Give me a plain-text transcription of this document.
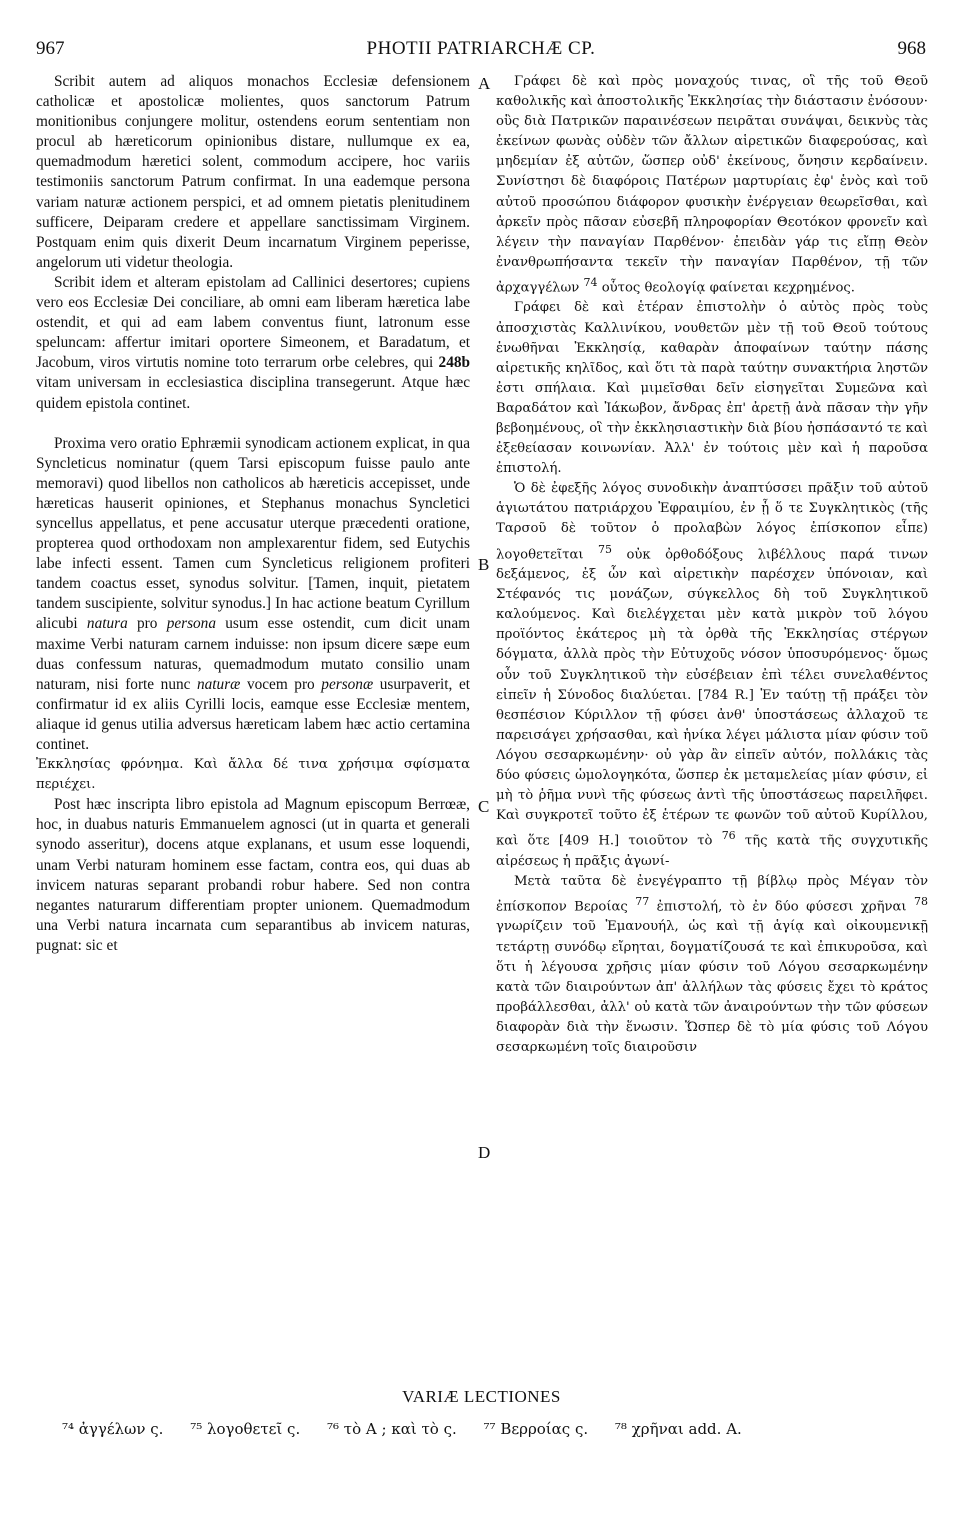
967	PHOTII PATRIARCHÆ CP.	968
A
B
C
D

Scribit autem ad aliquos monachos Ecclesiæ defensionem catholicæ et apostolicæ molientes, quos sanctorum Patrum monitionibus conjungere molitur, ostendens eorum sententiam non procul ab hæreticorum opinionibus distare, nullumque ex ea, quemadmodum hæretici solent, commodum accipere, hoc variis testimoniis sanctorum Patrum confirmat. In una eademque persona variam naturæ actionem perspici, et ad omnem pietatis plenitudinem sufficere, Deiparam credere et appellare sanctissimam Virginem. Postquam enim quis dixerit Deum incarnatum Virginem peperisse, angelorum uti videtur theologia.

Scribit idem et alteram epistolam ad Callinici desertores; cupiens vero eos Ecclesiæ Dei conciliare, ab omni eam liberam hæretica labe ostendit, et qui ad eam labem conventus fiunt, latronum esse speluncam: affertur imitari oportere Simeonem, et Baradatum, et Jacobum, viros virtutis nomine toto terrarum orbe celebres, qui 248b vitam universam in ecclesiastica disciplina transegerunt. Atque hæc quidem epistola continet.

Proxima vero oratio Ephræmii synodicam actionem explicat, in qua Syncleticus nominatur (quem Tarsi episcopum fuisse paulo ante memoravi) quod libellos non catholicos ab hæreticis accepisset, unde hæreticas hauserit opiniones, et Stephanus monachus Syncletici syncellus appellatus, et pene accusatur uterque præcedenti oratione, propterea quod orthodoxam non amplexarentur fidem, sed Eutychis labe infecti essent. Tamen cum Syncleticus religionem profiteri tandem coactus esset, synodus solvitur. [Tamen, inquit, pietatem tandem suscipiente, solvitur synodus.] In hac actione beatum Cyrillum alicubi natura pro persona usum esse ostendit, cum dicit unam maxime Verbi naturam carnem induisse: non ipsum dicere sæpe eum duas confessum naturas, quemadmodum mutato consilio unam naturam, nisi forte nunc naturæ vocem pro personæ usurpaverit, et confirmatur id ex aliis Cyrilli locis, eamque esse Ecclesiæ mentem, aliaque id genus utilia adversus hæreticam labem hæc actio certamina continet.

Ἐκκλησίας φρόνημα. Καὶ ἄλλα δέ τινα χρήσιμα σφίσματα περιέχει.

Post hæc inscripta libro epistola ad Magnum episcopum Berrœæ, hoc, in duabus naturis Emmanuelem agnosci (ut in quarta et generali synodo asseritur), docens atque explanans, et usum esse loquendi, unam Verbi naturam hominem esse factam, contra eos, qui duas ab invicem naturas separant probandi robur habere. Sed non contra negantes naturarum differentiam propter unionem. Quemadmodum una Verbi natura incarnata cum separantibus ab invicem naturas, pugnat: sic et

Γράφει δὲ καὶ πρὸς μοναχούς τινας, οἳ τῆς τοῦ Θεοῦ καθολικῆς καὶ ἀποστολικῆς Ἐκκλησίας τὴν διάστασιν ἐνόσουν· οὓς διὰ Πατρικῶν παραινέσεων πειρᾶται συνάψαι, δεικνὺς τὰς ἐκείνων φωνὰς οὐδὲν τῶν ἄλλων αἱρετικῶν διαφερούσας, καὶ μηδεμίαν ἐξ αὐτῶν, ὥσπερ οὐδ' ἐκείνους, ὄνησιν κερδαίνειν. Συνίστησι δὲ διαφόροις Πατέρων μαρτυρίαις ἐφ' ἑνὸς καὶ τοῦ αὐτοῦ προσώπου διάφορον φυσικὴν ἐνέργειαν θεωρεῖσθαι, καὶ ἀρκεῖν πρὸς πᾶσαν εὐσεβῆ πληροφορίαν Θεοτόκον φρονεῖν καὶ λέγειν τὴν παναγίαν Παρθένον· ἐπειδὰν γάρ τις εἴπῃ Θεὸν ἐνανθρωπήσαντα τεκεῖν τὴν παναγίαν Παρθένον, τῇ τῶν ἀρχαγγέλων $^{74}$ οὗτος θεολογίᾳ φαίνεται κεχρημένος.

Γράφει δὲ καὶ ἑτέραν ἐπιστολὴν ὁ αὐτὸς πρὸς τοὺς ἀποσχιστὰς Καλλινίκου, νουθετῶν μὲν τῇ τοῦ Θεοῦ τούτους ἑνωθῆναι Ἐκκλησίᾳ, καθαρὰν ἀποφαίνων ταύτην πάσης αἱρετικῆς κηλῖδος, καὶ ὅτι τὰ παρὰ ταύτην συνακτήρια ληστῶν ἐστι σπήλαια. Καὶ μιμεῖσθαι δεῖν εἰσηγεῖται Συμεῶνα καὶ Βαραδάτον καὶ Ἰάκωβον, ἄνδρας ἐπ' ἀρετῇ ἀνὰ πᾶσαν τὴν γῆν βεβοημένους, οἳ τὴν ἐκκλησιαστικὴν διὰ βίου ἠσπάσαντό τε καὶ ἐξεθείασαν κοινωνίαν. Ἀλλ' ἐν τούτοις μὲν καὶ ἡ παροῦσα ἐπιστολή.

Ὁ δὲ ἐφεξῆς λόγος συνοδικὴν ἀναπτύσσει πρᾶξιν τοῦ αὐτοῦ ἁγιωτάτου πατριάρχου Ἐφραιμίου, ἐν ᾗ ὅ τε Συγκλητικὸς (τῆς Ταρσοῦ δὲ τοῦτον ὁ προλαβὼν λόγος ἐπίσκοπον εἶπε) λογοθετεῖται $^{75}$ οὐκ ὀρθοδόξους λιβέλλους παρά τινων δεξάμενος, ἐξ ὧν καὶ αἱρετικὴν παρέσχεν ὑπόνοιαν, καὶ Στέφανός τις μονάζων, σύγκελλος δὴ τοῦ Συγκλητικοῦ καλούμενος. Καὶ διελέγχεται μὲν κατὰ μικρὸν τοῦ λόγου προϊόντος ἑκάτερος μὴ τὰ ὀρθὰ τῆς Ἐκκλησίας στέργων δόγματα, ἀλλὰ πρὸς τὴν Εὐτυχοῦς νόσον ὑποσυρόμενος· ὅμως οὖν τοῦ Συγκλητικοῦ τὴν εὐσέβειαν ἐπὶ τέλει συνελαθέντος εἰπεῖν ἡ Σύνοδος διαλύεται. [784 R.] Ἐν ταύτῃ τῇ πράξει τὸν θεσπέσιον Κύριλλον τῇ φύσει ἀνθ' ὑποστάσεως ἀλλαχοῦ τε παρεισάγει χρήσασθαι, καὶ ἡνίκα λέγει μάλιστα μίαν φύσιν τοῦ Λόγου σεσαρκωμένην· οὐ γὰρ ἂν εἰπεῖν αὐτόν, πολλάκις τὰς δύο φύσεις ὡμολογηκότα, ὥσπερ ἐκ μεταμελείας μίαν φύσιν, εἰ μὴ τὸ ῥῆμα νυνὶ τῆς φύσεως ἀντὶ τῆς ὑποστάσεως παρειλῆφει. Καὶ συγκροτεῖ τοῦτο ἐξ ἑτέρων τε φωνῶν τοῦ αὐτοῦ Κυρίλλου, καὶ ὅτε [409 H.] τοιοῦτον τὸ $^{76}$ τῆς κατὰ τῆς συγχυτικῆς αἱρέσεως ἡ πρᾶξις ἀγωνί-

Μετὰ ταῦτα δὲ ἐνεγέγραπτο τῇ βίβλῳ πρὸς Μέγαν τὸν ἐπίσκοπον Βεροίας $^{77}$ ἐπιστολή, τὸ ἐν δύο φύσεσι χρῆναι $^{78}$ γνωρίζειν τοῦ Ἐμανουήλ, ὡς καὶ τῇ ἁγίᾳ καὶ οἰκουμενικῇ τετάρτῃ συνόδῳ εἴρηται, δογματίζουσά τε καὶ ἐπικυροῦσα, καὶ ὅτι ἡ λέγουσα χρῆσις μίαν φύσιν τοῦ Λόγου σεσαρκωμένην κατὰ τῶν διαιρούντων ἀπ' ἀλλήλων τὰς φύσεις ἔχει τὸ κράτος προβάλλεσθαι, ἀλλ' οὐ κατὰ τῶν ἀναιρούντων τὴν τῶν φύσεων διαφορὰν διὰ τὴν ἕνωσιν. Ὥσπερ δὲ τὸ μία φύσις τοῦ Λόγου σεσαρκωμένη τοῖς διαιροῦσιν

VARIÆ LECTIONES
⁷⁴ ἀγγέλων ς. ⁷⁵ λογοθετεῖ ς. ⁷⁶ τὸ A ; καὶ τὸ ς. ⁷⁷ Βερροίας ς. ⁷⁸ χρῆναι add. A.
